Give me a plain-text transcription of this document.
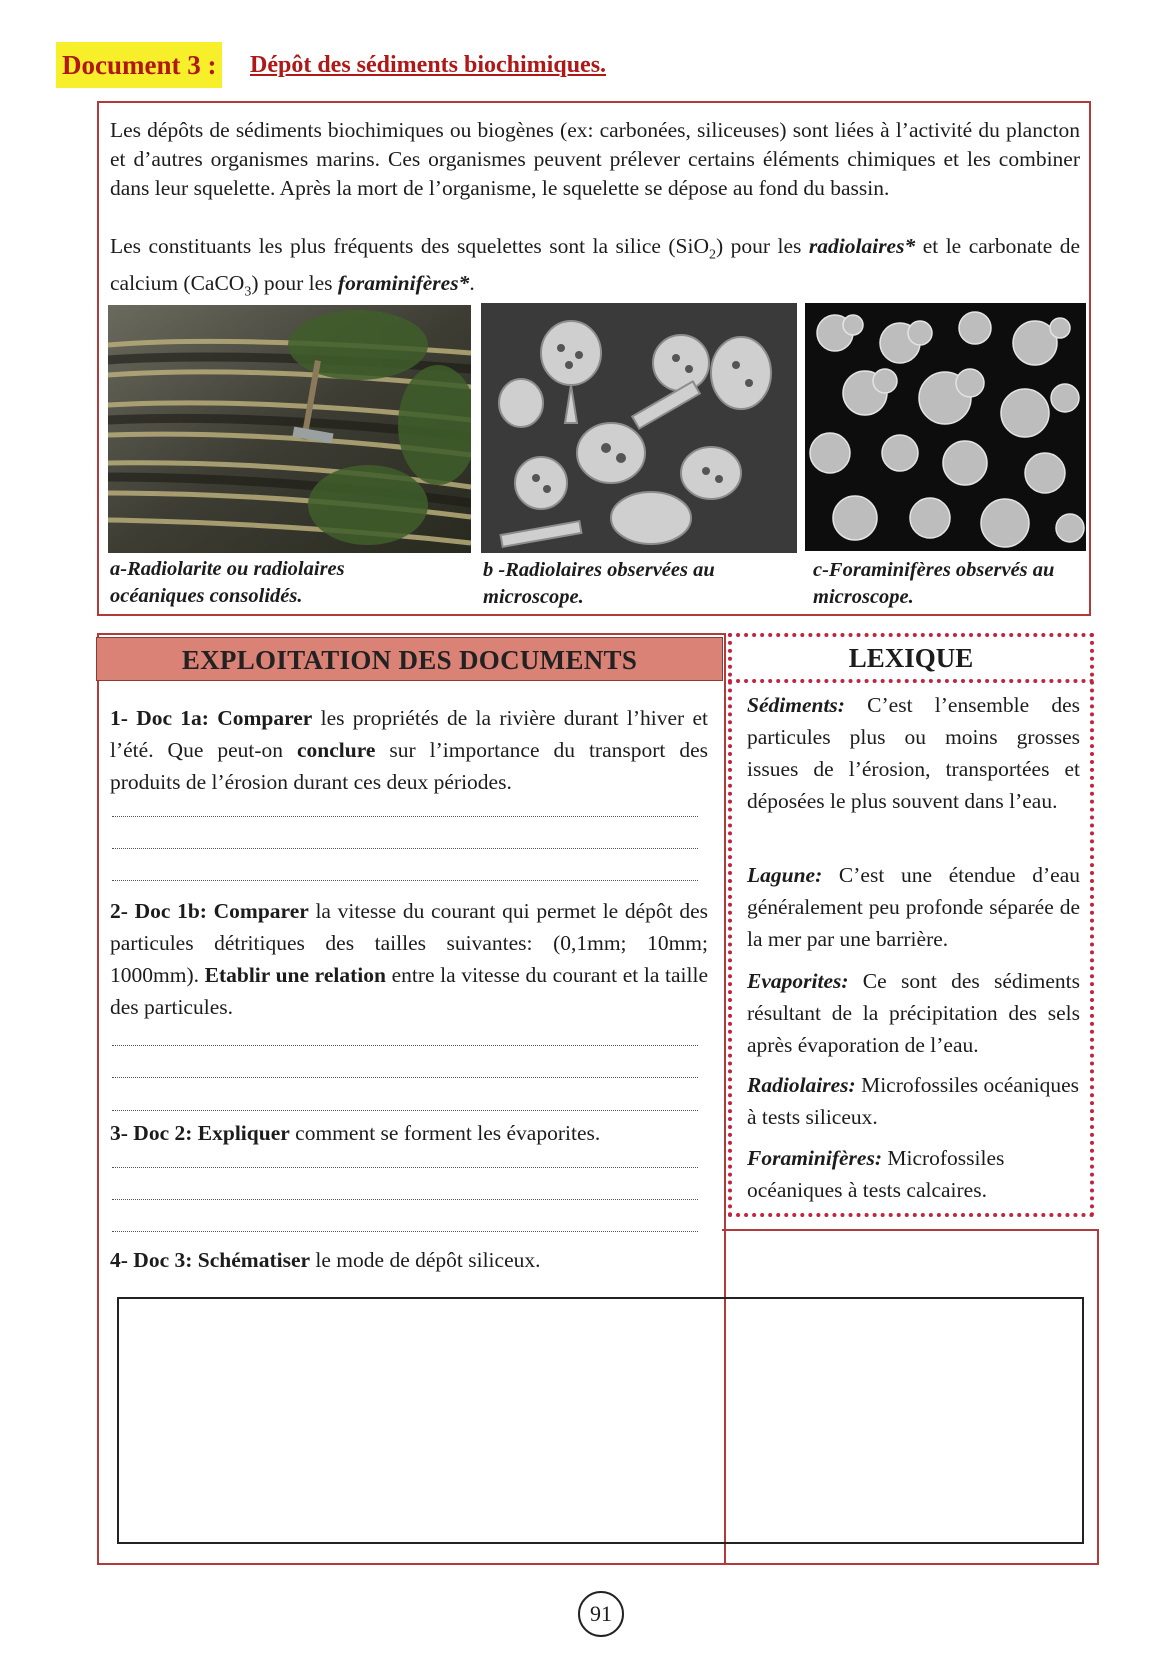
Document 3 : Dépôt des sédiments biochimiques.

Les dépôts de sédiments biochimiques ou biogènes (ex: carbonées, siliceuses) sont liées à l’activité du plancton et d’autres organismes marins. Ces organismes peuvent prélever certains éléments chimiques et les combiner dans leur squelette. Après la mort de l’organisme, le squelette se dépose au fond du bassin.

Les constituants les plus fréquents des squelettes sont la silice (SiO$_2$) pour les radiolaires* et le carbonate de calcium (CaCO$_3$) pour les foraminifères*.

a-Radiolarite ou radiolaires océaniques consolidés.

b -Radiolaires observées au microscope.

c-Foraminifères observés au microscope.

EXPLOITATION DES DOCUMENTS

1- Doc 1a: Comparer les propriétés de la rivière durant l’hiver et l’été. Que peut-on conclure sur l’importance du transport des produits de l’érosion durant ces deux périodes.

2- Doc 1b: Comparer la vitesse du courant qui permet le dépôt des particules détritiques des tailles suivantes: (0,1mm; 10mm; 1000mm). Etablir une relation entre la vitesse du courant et la taille des particules.

3- Doc 2: Expliquer comment se forment les évaporites.

4- Doc 3: Schématiser le mode de dépôt siliceux.

LEXIQUE

Sédiments: C’est l’ensemble des particules plus ou moins grosses issues de l’érosion, transportées et déposées le plus souvent dans l’eau.

Lagune: C’est une étendue d’eau généralement peu profonde séparée de la mer par une barrière.

Evaporites: Ce sont des sédiments résultant de la précipitation des sels après évaporation de l’eau.

Radiolaires: Microfossiles océaniques à tests siliceux.

Foraminifères: Microfossiles océaniques à tests calcaires.

91
